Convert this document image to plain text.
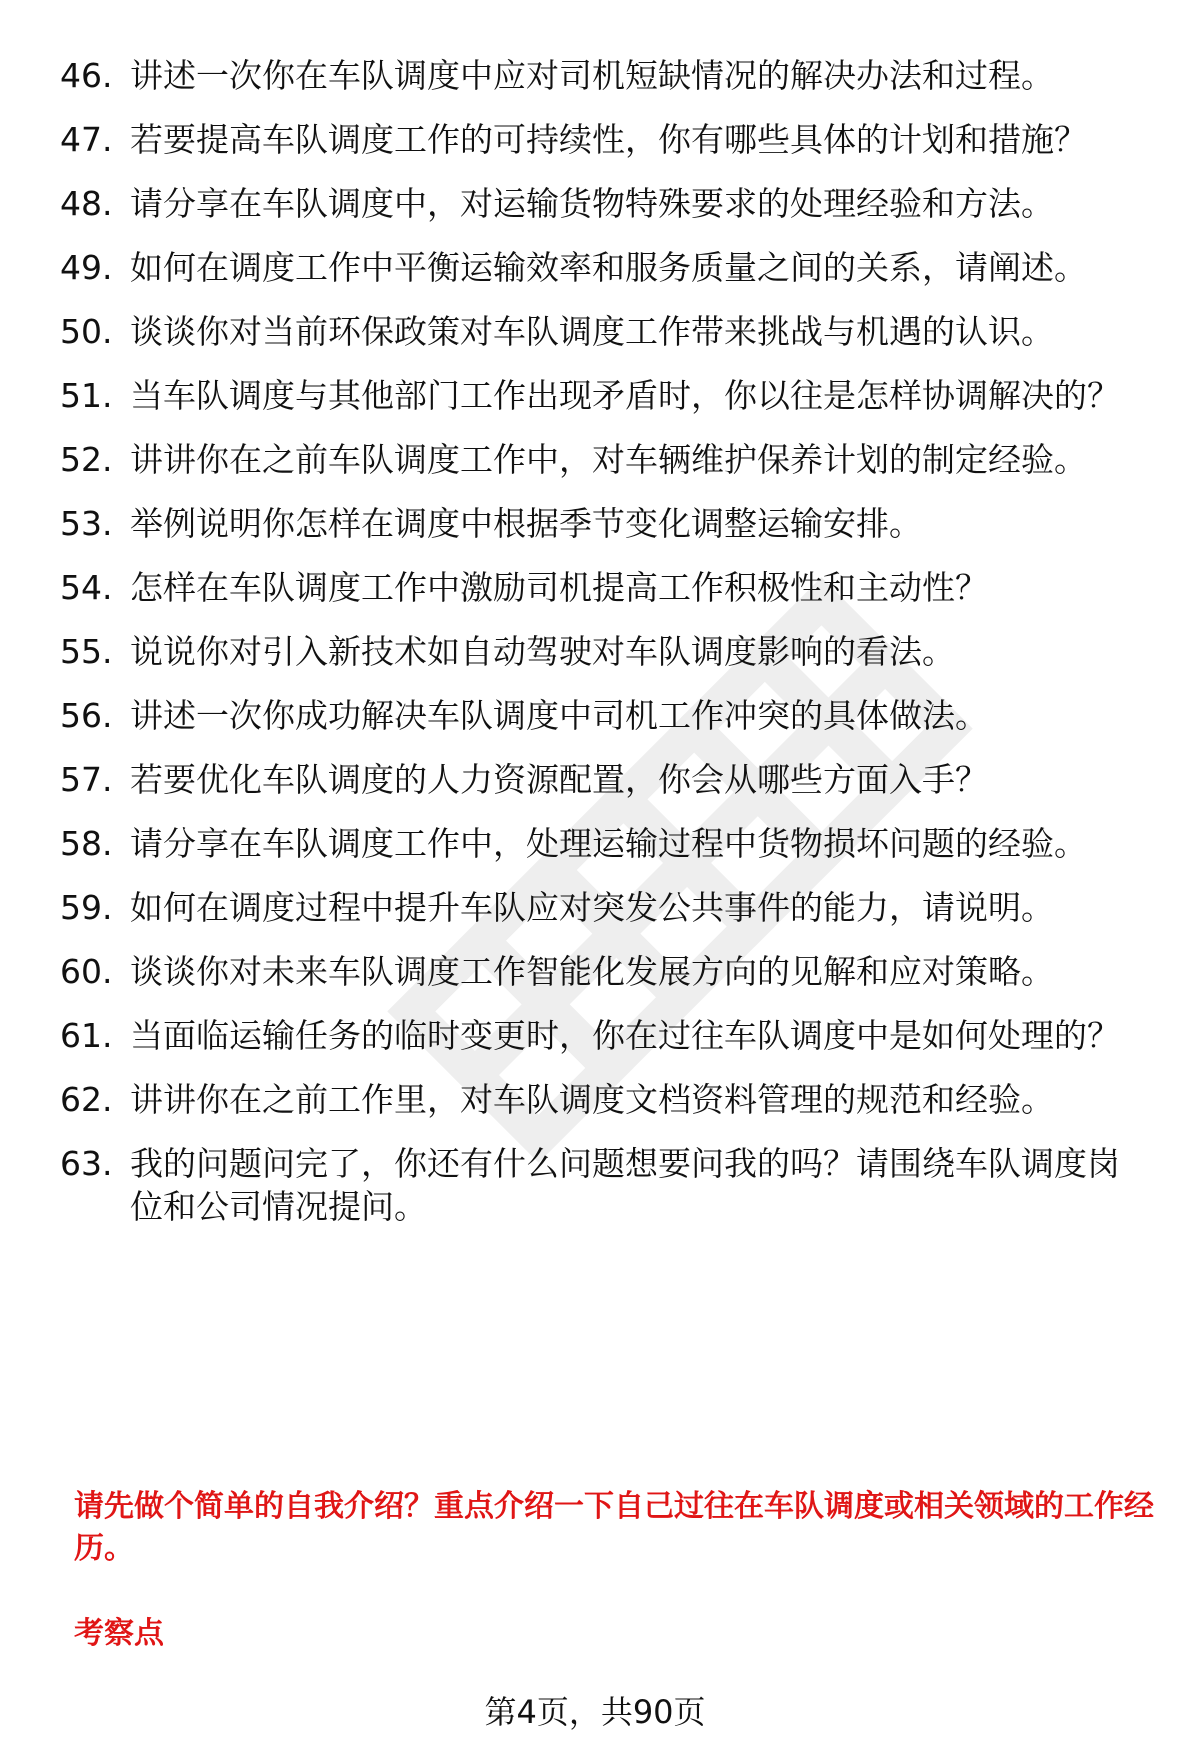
46. 讲述一次你在车队调度中应对司机短缺情况的解决办法和过程。
47. 若要提高车队调度工作的可持续性，你有哪些具体的计划和措施？
48. 请分享在车队调度中，对运输货物特殊要求的处理经验和方法。
49. 如何在调度工作中平衡运输效率和服务质量之间的关系，请阐述。
50. 谈谈你对当前环保政策对车队调度工作带来挑战与机遇的认识。
51. 当车队调度与其他部门工作出现矛盾时，你以往是怎样协调解决的？
52. 讲讲你在之前车队调度工作中，对车辆维护保养计划的制定经验。
53. 举例说明你怎样在调度中根据季节变化调整运输安排。
54. 怎样在车队调度工作中激励司机提高工作积极性和主动性？
55. 说说你对引入新技术如自动驾驶对车队调度影响的看法。
56. 讲述一次你成功解决车队调度中司机工作冲突的具体做法。
57. 若要优化车队调度的人力资源配置，你会从哪些方面入手？
58. 请分享在车队调度工作中，处理运输过程中货物损坏问题的经验。
59. 如何在调度过程中提升车队应对突发公共事件的能力，请说明。
60. 谈谈你对未来车队调度工作智能化发展方向的见解和应对策略。
61. 当面临运输任务的临时变更时，你在过往车队调度中是如何处理的？
62. 讲讲你在之前工作里，对车队调度文档资料管理的规范和经验。
63. 我的问题问完了，你还有什么问题想要问我的吗？请围绕车队调度岗位和公司情况提问。

请先做个简单的自我介绍？重点介绍一下自己过往在车队调度或相关领域的工作经历。

考察点
第4页，共90页
